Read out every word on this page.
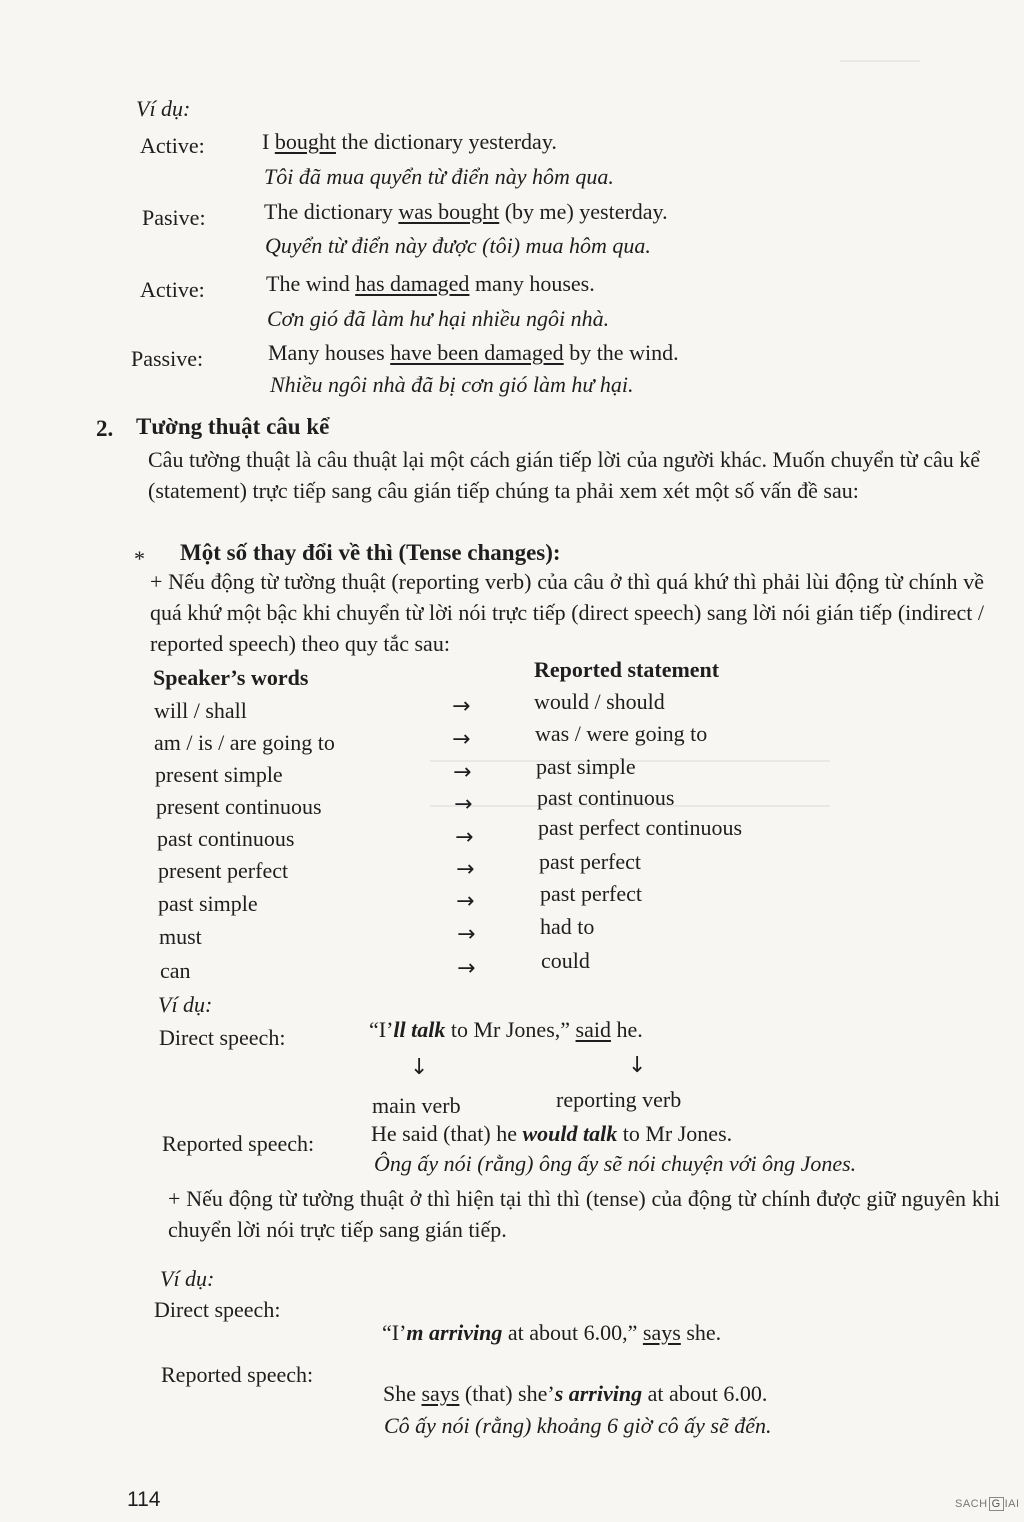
Ví dụ:
Active:	I bought the dictionary yesterday.
Tôi đã mua quyển từ điển này hôm qua.
Pasive:	The dictionary was bought (by me) yesterday.
Quyển từ điển này được (tôi) mua hôm qua.
Active:	The wind has damaged many houses.
Cơn gió đã làm hư hại nhiều ngôi nhà.
Passive:	Many houses have been damaged by the wind.
Nhiều ngôi nhà đã bị cơn gió làm hư hại.
2. Tường thuật câu kể
Câu tường thuật là câu thuật lại một cách gián tiếp lời của người khác. Muốn chuyển từ câu kể (statement) trực tiếp sang câu gián tiếp chúng ta phải xem xét một số vấn đề sau:
* Một số thay đổi về thì (Tense changes):
+ Nếu động từ tường thuật (reporting verb) của câu ở thì quá khứ thì phải lùi động từ chính về quá khứ một bậc khi chuyển từ lời nói trực tiếp (direct speech) sang lời nói gián tiếp (indirect / reported speech) theo quy tắc sau:
Speaker’s words	Reported statement
will / shall	→	would / should
am / is / are going to	→	was / were going to
present simple	→	past simple
present continuous	→	past continuous
past continuous	→	past perfect continuous
present perfect	→	past perfect
past simple	→	past perfect
must	→	had to
can	→	could
Ví dụ:
Direct speech:	“I’ll talk to Mr Jones,” said he.
↓	↓
main verb	reporting verb
Reported speech:	He said (that) he would talk to Mr Jones.
Ông ấy nói (rằng) ông ấy sẽ nói chuyện với ông Jones.
+ Nếu động từ tường thuật ở thì hiện tại thì thì (tense) của động từ chính được giữ nguyên khi chuyển lời nói trực tiếp sang gián tiếp.
Ví dụ:
Direct speech:
“I’m arriving at about 6.00,” says she.
Reported speech:
She says (that) she’s arriving at about 6.00.
Cô ấy nói (rằng) khoảng 6 giờ cô ấy sẽ đến.
114	SACH G IAI
